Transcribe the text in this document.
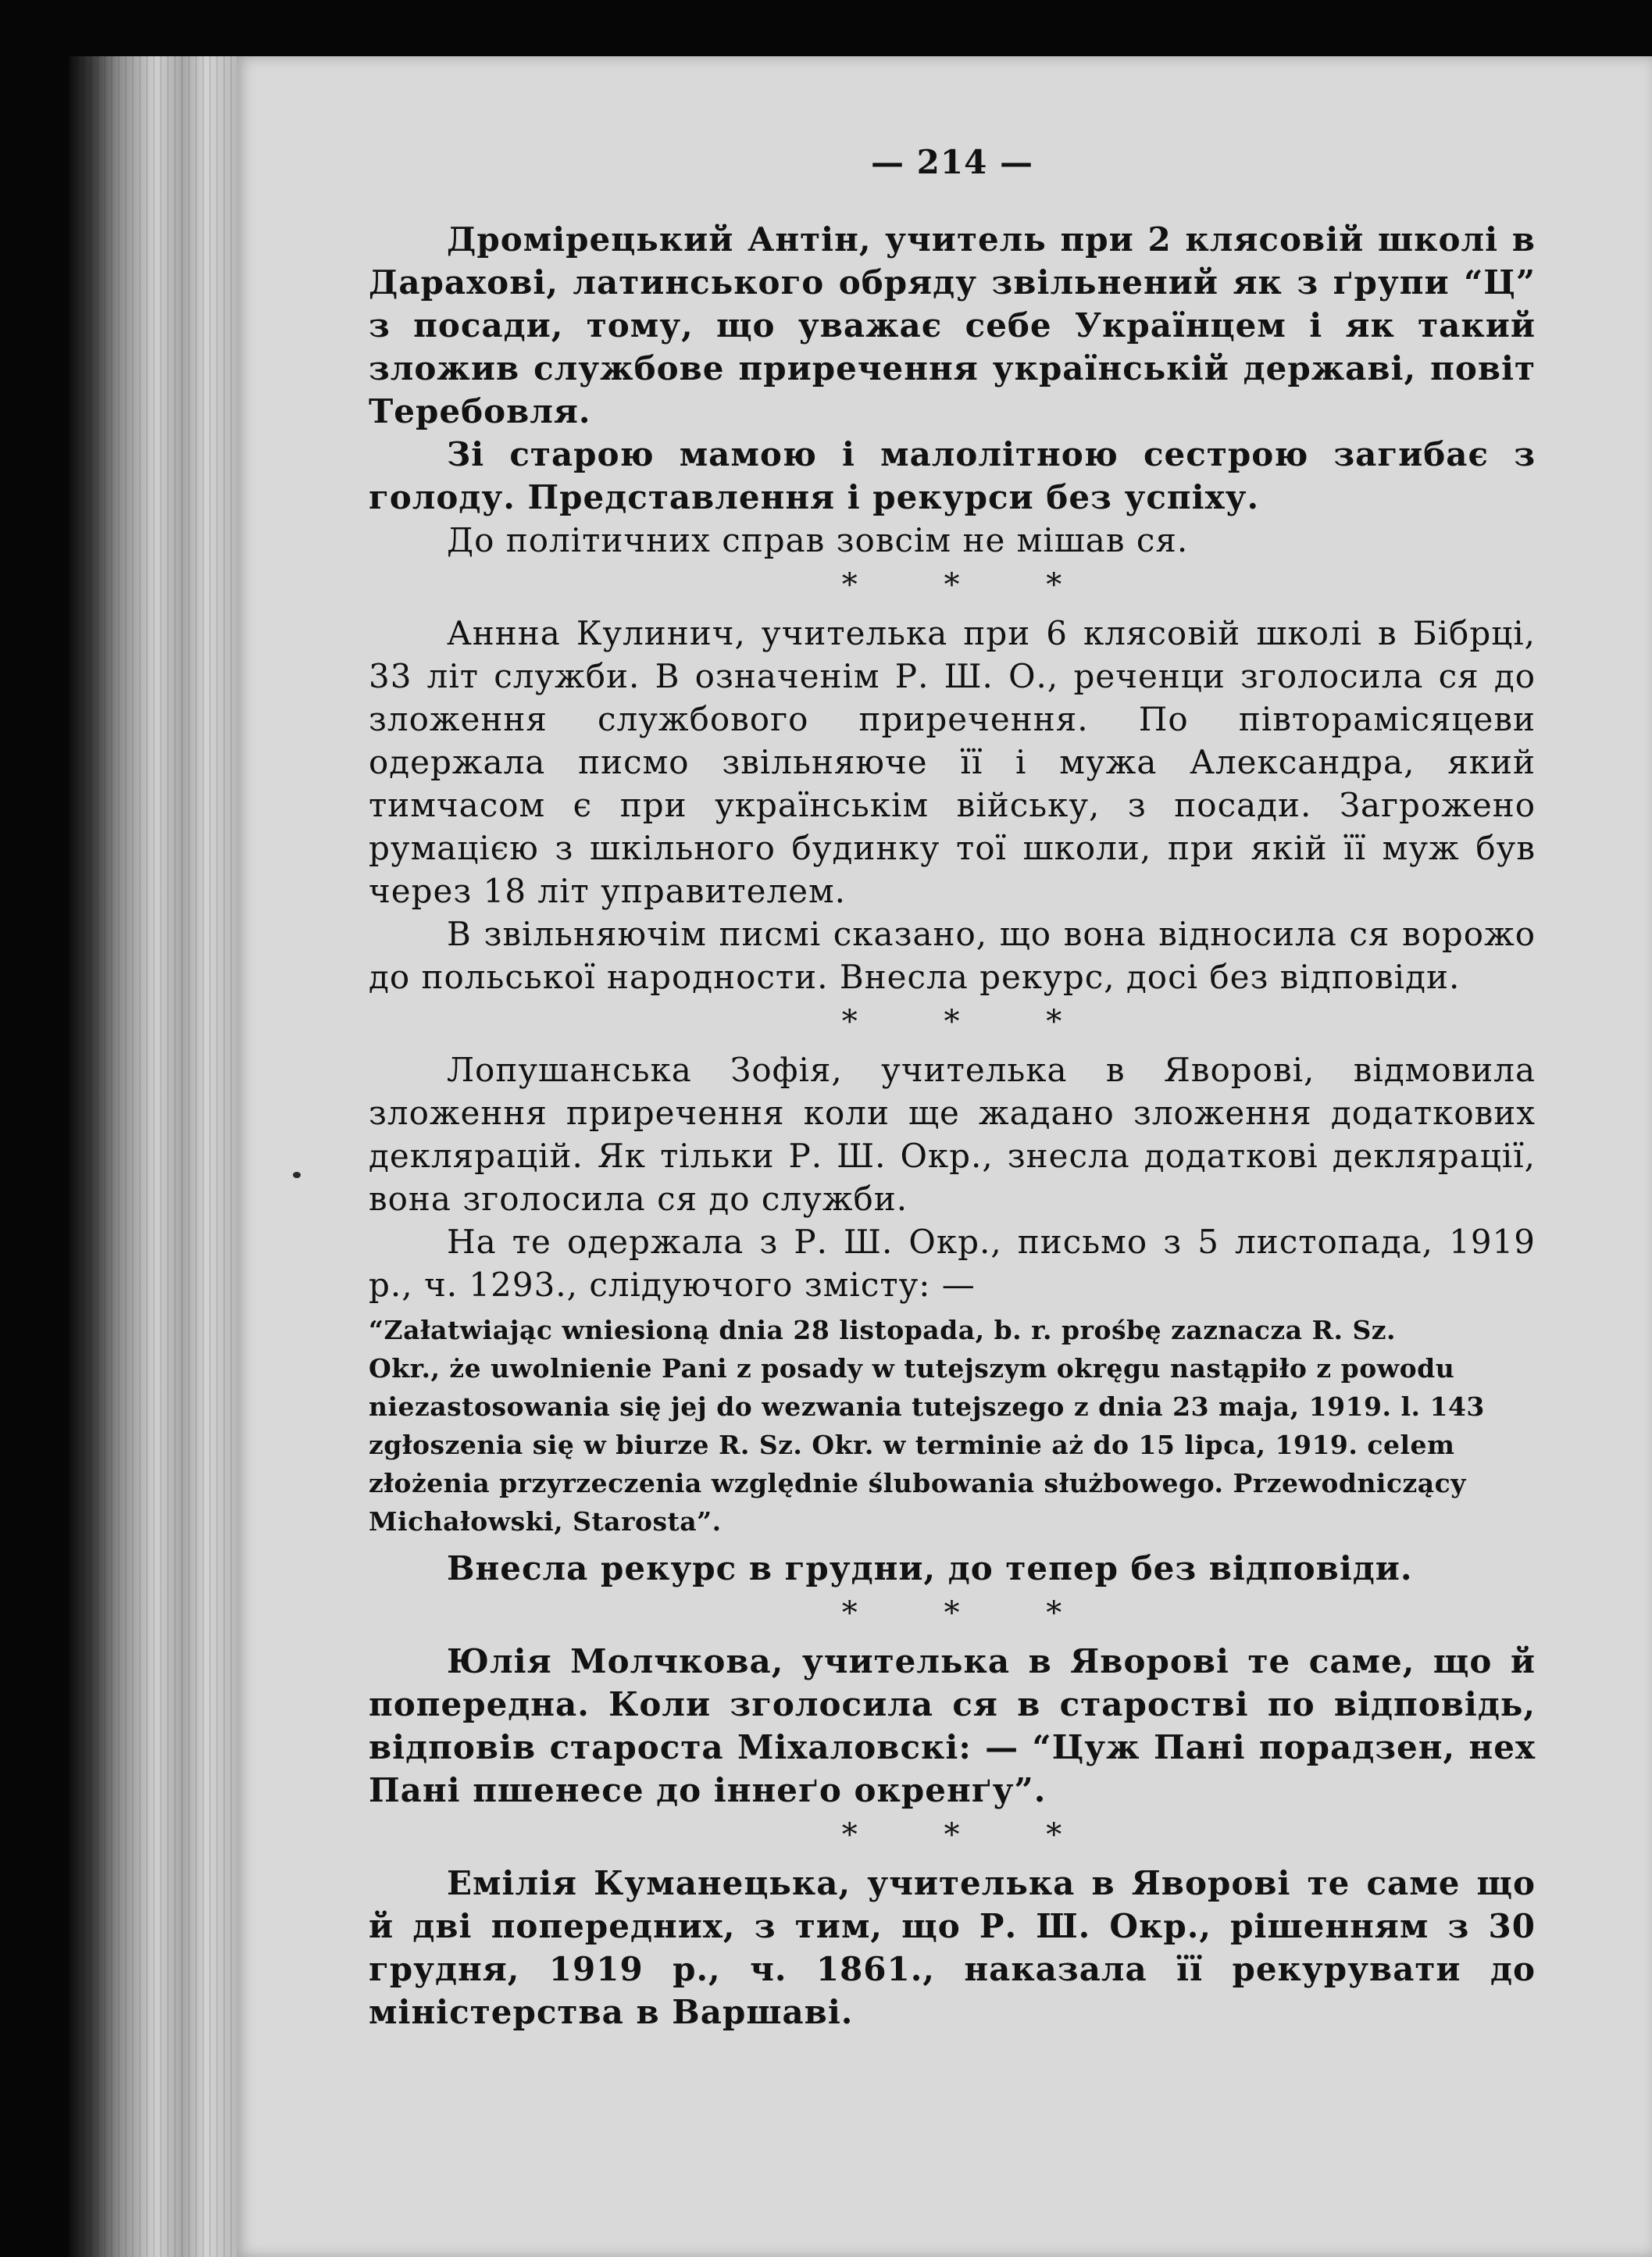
— 214 —

Дромірецький Антін, учитель при 2 клясовій школі в Дарахові, латинського обряду звільнений як з ґрупи “Ц” з посади, тому, що уважає себе Українцем і як такий зложив службове приречення українській державі, повіт Теребовля.

Зі старою мамою і малолітною сестрою загибає з голоду. Представлення і рекурси без успіху.

До політичних справ зовсім не мішав ся.

* * *

Аннна Кулинич, учителька при 6 клясовій школі в Бібрці, 33 літ служби. В означенім Р. Ш. О., реченци зголосила ся до зложення службового приречення. По півторамісяцеви одержала писмо звільняюче її і мужа Александра, який тимчасом є при українськім війську, з посади. Загрожено румацією з шкільного будинку тої школи, при якій її муж був через 18 літ управителем.

В звільняючім писмі сказано, що вона відносила ся ворожо до польської народности. Внесла рекурс, досі без відповіди.

* * *

Лопушанська Зофія, учителька в Яворові, відмовила зложення приречення коли ще жадано зложення додаткових деклярацій. Як тільки Р. Ш. Окр., знесла додаткові деклярації, вона зголосила ся до служби.

На те одержала з Р. Ш. Окр., письмо з 5 листопада, 1919 р., ч. 1293., слідуючого змісту: —

“Załatwiając wniesioną dnia 28 listopada, b. r. prośbę zaznacza R. Sz.
Okr., że uwolnienie Pani z posady w tutejszym okręgu nastąpiło z powodu
niezastosowania się jej do wezwania tutejszego z dnia 23 maja, 1919. l. 143
zgłoszenia się w biurze R. Sz. Okr. w terminie aż do 15 lipca, 1919. celem
złożenia przyrzeczenia względnie ślubowania służbowego. Przewodniczący
Michałowski, Starosta”.

Внесла рекурс в грудни, до тепер без відповіди.

* * *

Юлія Молчкова, учителька в Яворові те саме, що й попередна. Коли зголосила ся в старостві по відповідь, відповів староста Міхаловскі: — “Цуж Пані порадзен, нех Пані пшенесе до іннеґо окренґу”.

* * *

Емілія Куманецька, учителька в Яворові те саме що й дві попередних, з тим, що Р. Ш. Окр., рішенням з 30 грудня, 1919 р., ч. 1861., наказала її рекурувати до міністерства в Варшаві.
